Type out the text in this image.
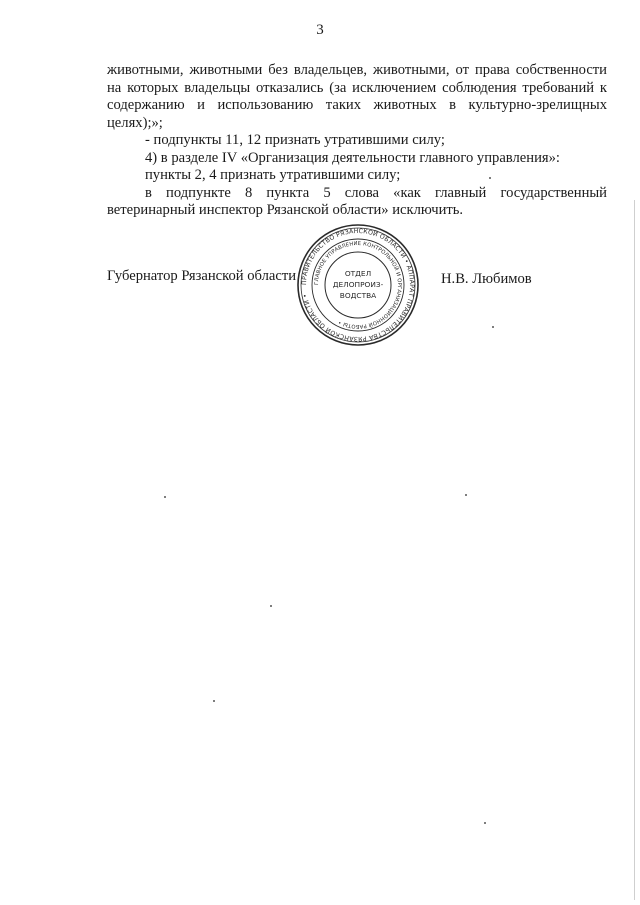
3

животными, животными без владельцев, животными, от права собственности на которых владельцы отказались (за исключением соблюдения требований к содержанию и использованию таких животных в культурно-зрелищных целях);»;

- подпункты 11, 12 признать утратившими силу;

4) в разделе IV «Организация деятельности главного управления»:

пункты 2, 4 признать утратившими силу;

в подпункте 8 пункта 5 слова «как главный государственный ветеринарный инспектор Рязанской области» исключить.

Губернатор Рязанской области	Н.В. Любимов
ПРАВИТЕЛЬСТВО РЯЗАНСКОЙ ОБЛАСТИ • АППАРАТ ПРАВИТЕЛЬСТВА РЯЗАНСКОЙ ОБЛАСТИ •
ГЛАВНОЕ УПРАВЛЕНИЕ КОНТРОЛЬНОЙ И ОРГАНИЗАЦИОННОЙ РАБОТЫ •
ОТДЕЛ
ДЕЛОПРОИЗ-
ВОДСТВА
